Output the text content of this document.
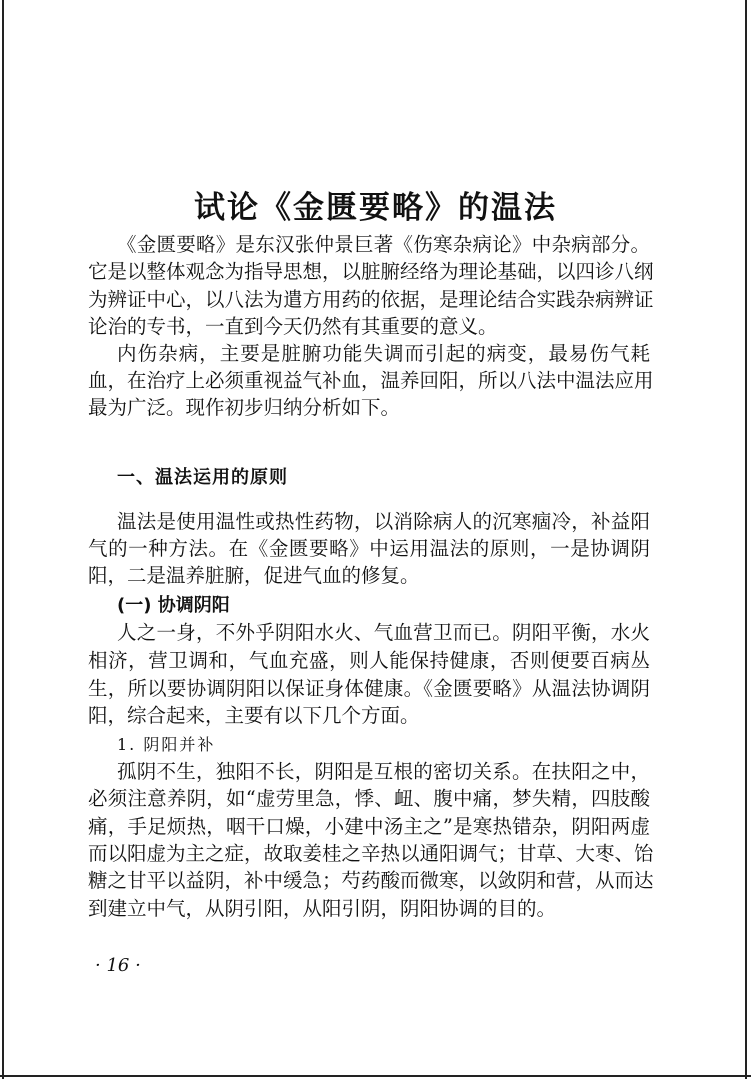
试论《金匮要略》的温法
《金匮要略》是东汉张仲景巨著《伤寒杂病论》中杂病部分。
它是以整体观念为指导思想，以脏腑经络为理论基础，以四诊八纲
为辨证中心，以八法为遣方用药的依据，是理论结合实践杂病辨证
论治的专书，一直到今天仍然有其重要的意义。
内伤杂病，主要是脏腑功能失调而引起的病变，最易伤气耗
血，在治疗上必须重视益气补血，温养回阳，所以八法中温法应用
最为广泛。现作初步归纳分析如下。
一、温法运用的原则
温法是使用温性或热性药物，以消除病人的沉寒痼冷，补益阳
气的一种方法。在《金匮要略》中运用温法的原则，一是协调阴
阳，二是温养脏腑，促进气血的修复。
(一) 协调阴阳
人之一身，不外乎阴阳水火、气血营卫而已。阴阳平衡，水火
相济，营卫调和，气血充盛，则人能保持健康，否则便要百病丛
生，所以要协调阴阳以保证身体健康。《金匮要略》从温法协调阴
阳，综合起来，主要有以下几个方面。
1. 阴阳并补
孤阴不生，独阳不长，阴阳是互根的密切关系。在扶阳之中，
必须注意养阴，如“虚劳里急，悸、衄、腹中痛，梦失精，四肢酸
痛，手足烦热，咽干口燥，小建中汤主之”是寒热错杂，阴阳两虚
而以阳虚为主之症，故取姜桂之辛热以通阳调气；甘草、大枣、饴
糖之甘平以益阴，补中缓急；芍药酸而微寒，以敛阴和营，从而达
到建立中气，从阴引阳，从阳引阴，阴阳协调的目的。
· 16 ·
